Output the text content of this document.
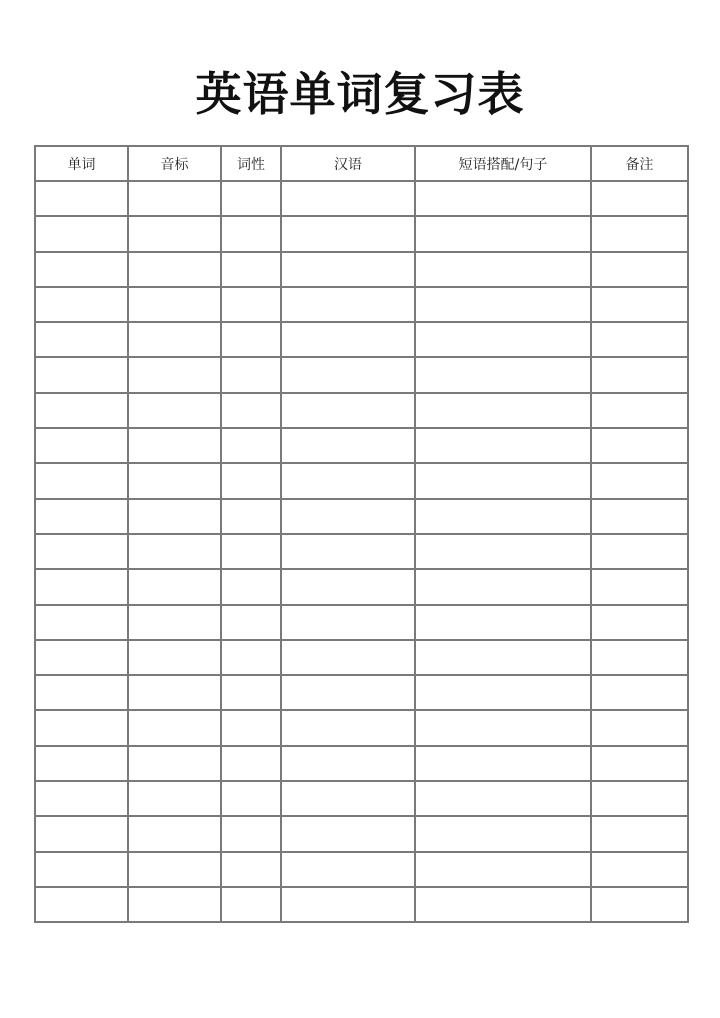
英语单词复习表
单词	音标	词性	汉语	短语搭配/句子	备注
